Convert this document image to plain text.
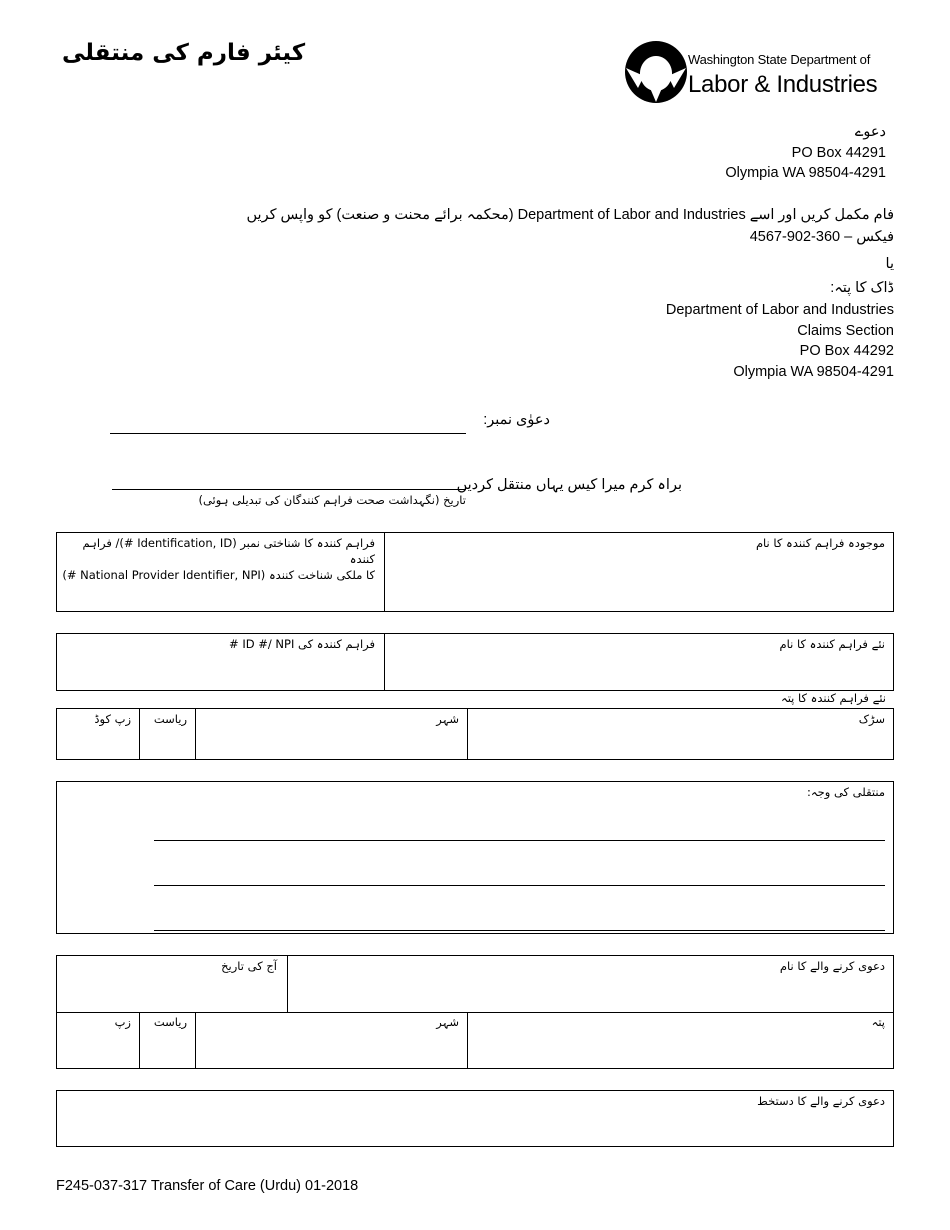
کیئر فارم کی منتقلی	Washington State Department of
Labor & Industries
دعوے
PO Box 44291
Olympia WA 98504-4291
فام مکمل کریں اور اسے Department of Labor and Industries (محکمہ برائے محنت و صنعت) کو واپس کریں
فیکس – 360-902-4567
یا
ڈاک کا پتہ:
Department of Labor and Industries
Claims Section
PO Box 44292
Olympia WA 98504-4291
دعوٰی نمبر:
براہ کرم میرا کیس یہاں منتقل کردیں
تاریخ (نگہداشت صحت فراہم کنندگان کی تبدیلی ہوئی)
موجودہ فراہم کنندہ کا نام
فراہم کنندہ کا شناختی نمبر (Identification, ID #)/ فراہم کنندہ
کا ملکی شناخت کنندہ (National Provider Identifier, NPI #)
نئے فراہم کنندہ کا نام
فراہم کنندہ کی ID #/ NPI #
نئے فراہم کنندہ کا پتہ
سڑک
شہر
ریاست
زپ کوڈ
منتقلی کی وجہ:
دعوی کرنے والے کا نام
آج کی تاریخ
پتہ
شہر
ریاست
زپ
دعوی کرنے والے کا دستخط
F245-037-317 Transfer of Care (Urdu) 01-2018
